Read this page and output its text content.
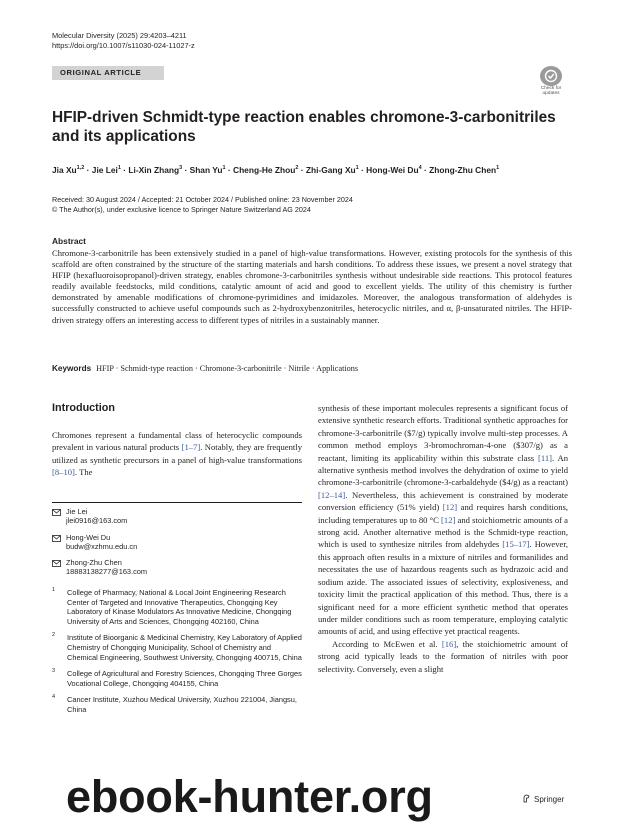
Molecular Diversity (2025) 29:4203–4211
https://doi.org/10.1007/s11030-024-11027-z
ORIGINAL ARTICLE
Check for
updates
HFIP-driven Schmidt-type reaction enables chromone-3-carbonitriles
and its applications
Jia Xu$^{1,2}$ · Jie Lei$^1$ · Li-Xin Zhang$^3$ · Shan $Yu^1$ · Cheng-He Zhou$^2$ · Zhi-Gang $Xu^1$ · Hong-Wei $Du^4$ · Zhong-Zhu Chen$^1$
Received: 30 August 2024 / Accepted: 21 October 2024 / Published online: 23 November 2024
© The Author(s), under exclusive licence to Springer Nature Switzerland AG 2024
Abstract
Chromone-3-carbonitrile has been extensively studied in a panel of high-value transformations. However, existing protocols for the synthesis of this scaffold are often constrained by the structure of the starting materials and harsh conditions. To address these issues, we present a novel strategy that HFIP (hexafluoroisopropanol)-driven strategy, enables chromone-3-carbonitriles synthesis without undesirable side reactions. This protocol features readily available feedstocks, mild conditions, catalytic amount of acid and good to excellent yields. The utility of this chemistry is further demonstrated by amenable modifications of chromone-pyrimidines and imidazoles. Moreover, the analogous transformation of aldehydes is successfully constructed to achieve useful compounds such as 2-hydroxybenzonitriles, heterocyclic nitriles, and α, β-unsaturated nitriles. The HFIP-driven strategy offers an interesting access to different types of nitriles in a sustainably manner.
Keywords HFIP · Schmidt-type reaction · Chromone-3-carbonitrile · Nitrile · Applications
Introduction
Chromones represent a fundamental class of heterocyclic compounds prevalent in various natural products [1–7]. Notably, they are frequently utilized as synthetic precursors in a panel of high-value transformations [8–10]. The
Jie Lei
jlei0916@163.com
Hong-Wei Du
budw@xzhmu.edu.cn
Zhong-Zhu Chen
18883138277@163.com
1 College of Pharmacy, National & Local Joint Engineering Research Center of Targeted and Innovative Therapeutics, Chongqing Key Laboratory of Kinase Modulators As Innovative Medicine, Chongqing University of Arts and Sciences, Chongqing 402160, China
2 Institute of Bioorganic & Medicinal Chemistry, Key Laboratory of Applied Chemistry of Chongqing Municipality, School of Chemistry and Chemical Engineering, Southwest University, Chongqing 400715, China
3 College of Agricultural and Forestry Sciences, Chongqing Three Gorges Vocational College, Chongqing 404155, China
4 Cancer Institute, Xuzhou Medical University, Xuzhou 221004, Jiangsu, China
synthesis of these important molecules represents a significant focus of extensive synthetic research efforts. Traditional synthetic approaches for chromone-3-carbonitrile ($7/g) typically involve multi-step processes. A common method employs 3-bromochroman-4-one ($307/g) as a reactant, limiting its applicability within this substrate class [11]. An alternative synthesis method involves the dehydration of oxime to yield chromone-3-carbonitrile (chromone-3-carbaldehyde ($4/g) as a reactant) [12–14]. Nevertheless, this achievement is constrained by moderate conversion efficiency (51% yield) [12] and requires harsh conditions, including temperatures up to 80 °C [12] and stoichiometric amounts of a strong acid. Another alternative method is the Schmidt-type reaction, which is used to synthesize nitriles from aldehydes [15–17]. However, this approach often results in a mixture of nitriles and formanilides and necessitates the use of hazardous reagents such as hydrazoic acid and sodium azide. The associated issues of selectivity, explosiveness, and toxicity limit the practical application of this method. Thus, there is a significant need for a more efficient synthetic method that operates under milder conditions such as room temperature, employing catalytic amounts of acid, and using effective yet practical reagents.
According to McEwen et al. [16], the stoichiometric amount of strong acid typically leads to the formation of nitriles with poor selectivity. Conversely, even a slight
ebook-hunter.org	Springer
